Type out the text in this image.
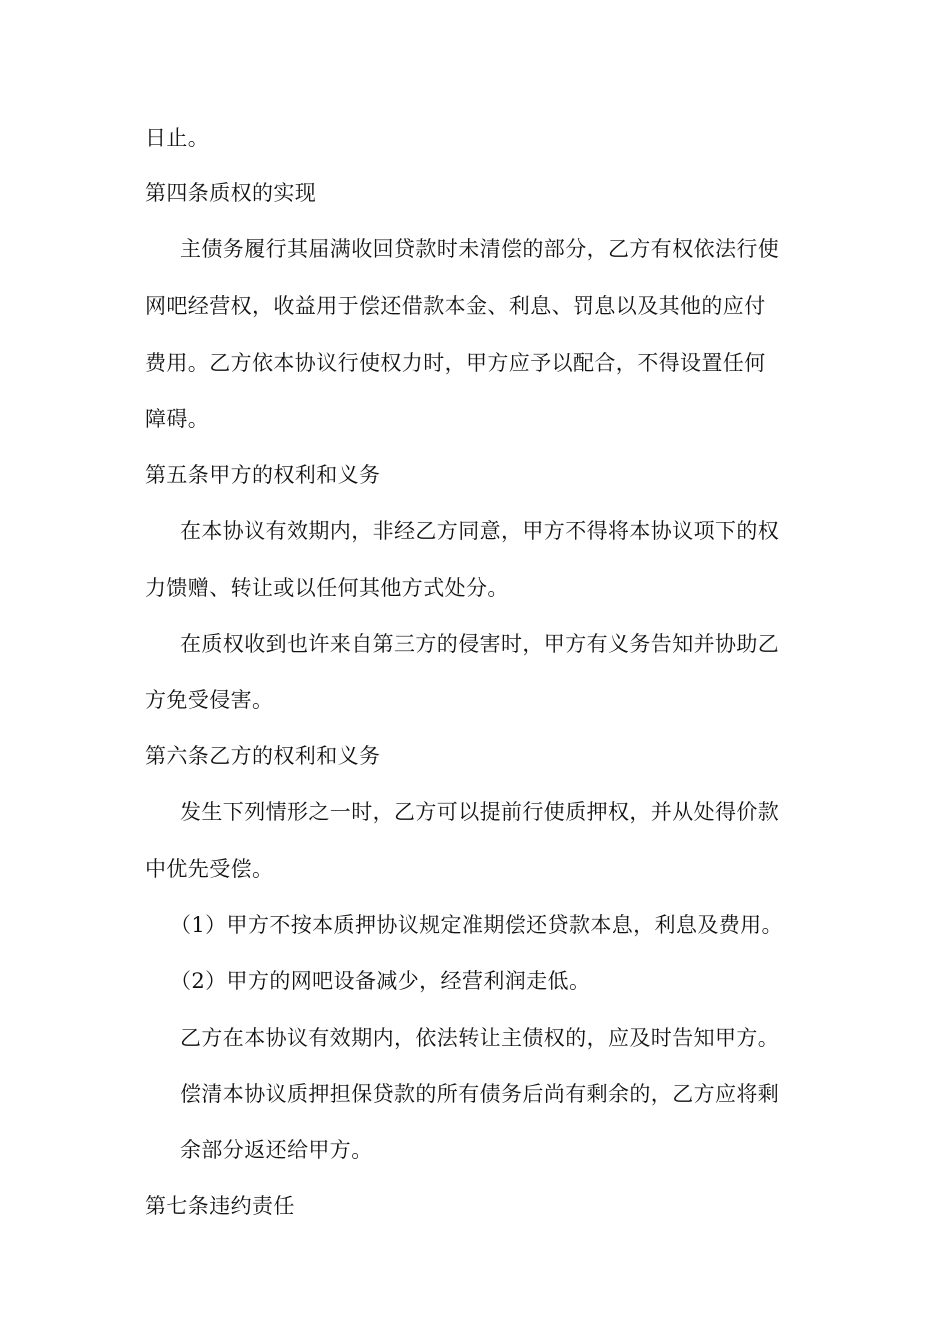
日止。
第四条质权的实现
主债务履行其届满收回贷款时未清偿的部分，乙方有权依法行使
网吧经营权，收益用于偿还借款本金、利息、罚息以及其他的应付
费用。乙方依本协议行使权力时，甲方应予以配合，不得设置任何
障碍。
第五条甲方的权利和义务
在本协议有效期内，非经乙方同意，甲方不得将本协议项下的权
力馈赠、转让或以任何其他方式处分。
在质权收到也许来自第三方的侵害时，甲方有义务告知并协助乙
方免受侵害。
第六条乙方的权利和义务
发生下列情形之一时，乙方可以提前行使质押权，并从处得价款
中优先受偿。
（1）甲方不按本质押协议规定准期偿还贷款本息，利息及费用。
（2）甲方的网吧设备减少，经营利润走低。
乙方在本协议有效期内，依法转让主债权的，应及时告知甲方。
偿清本协议质押担保贷款的所有债务后尚有剩余的，乙方应将剩
余部分返还给甲方。
第七条违约责任
